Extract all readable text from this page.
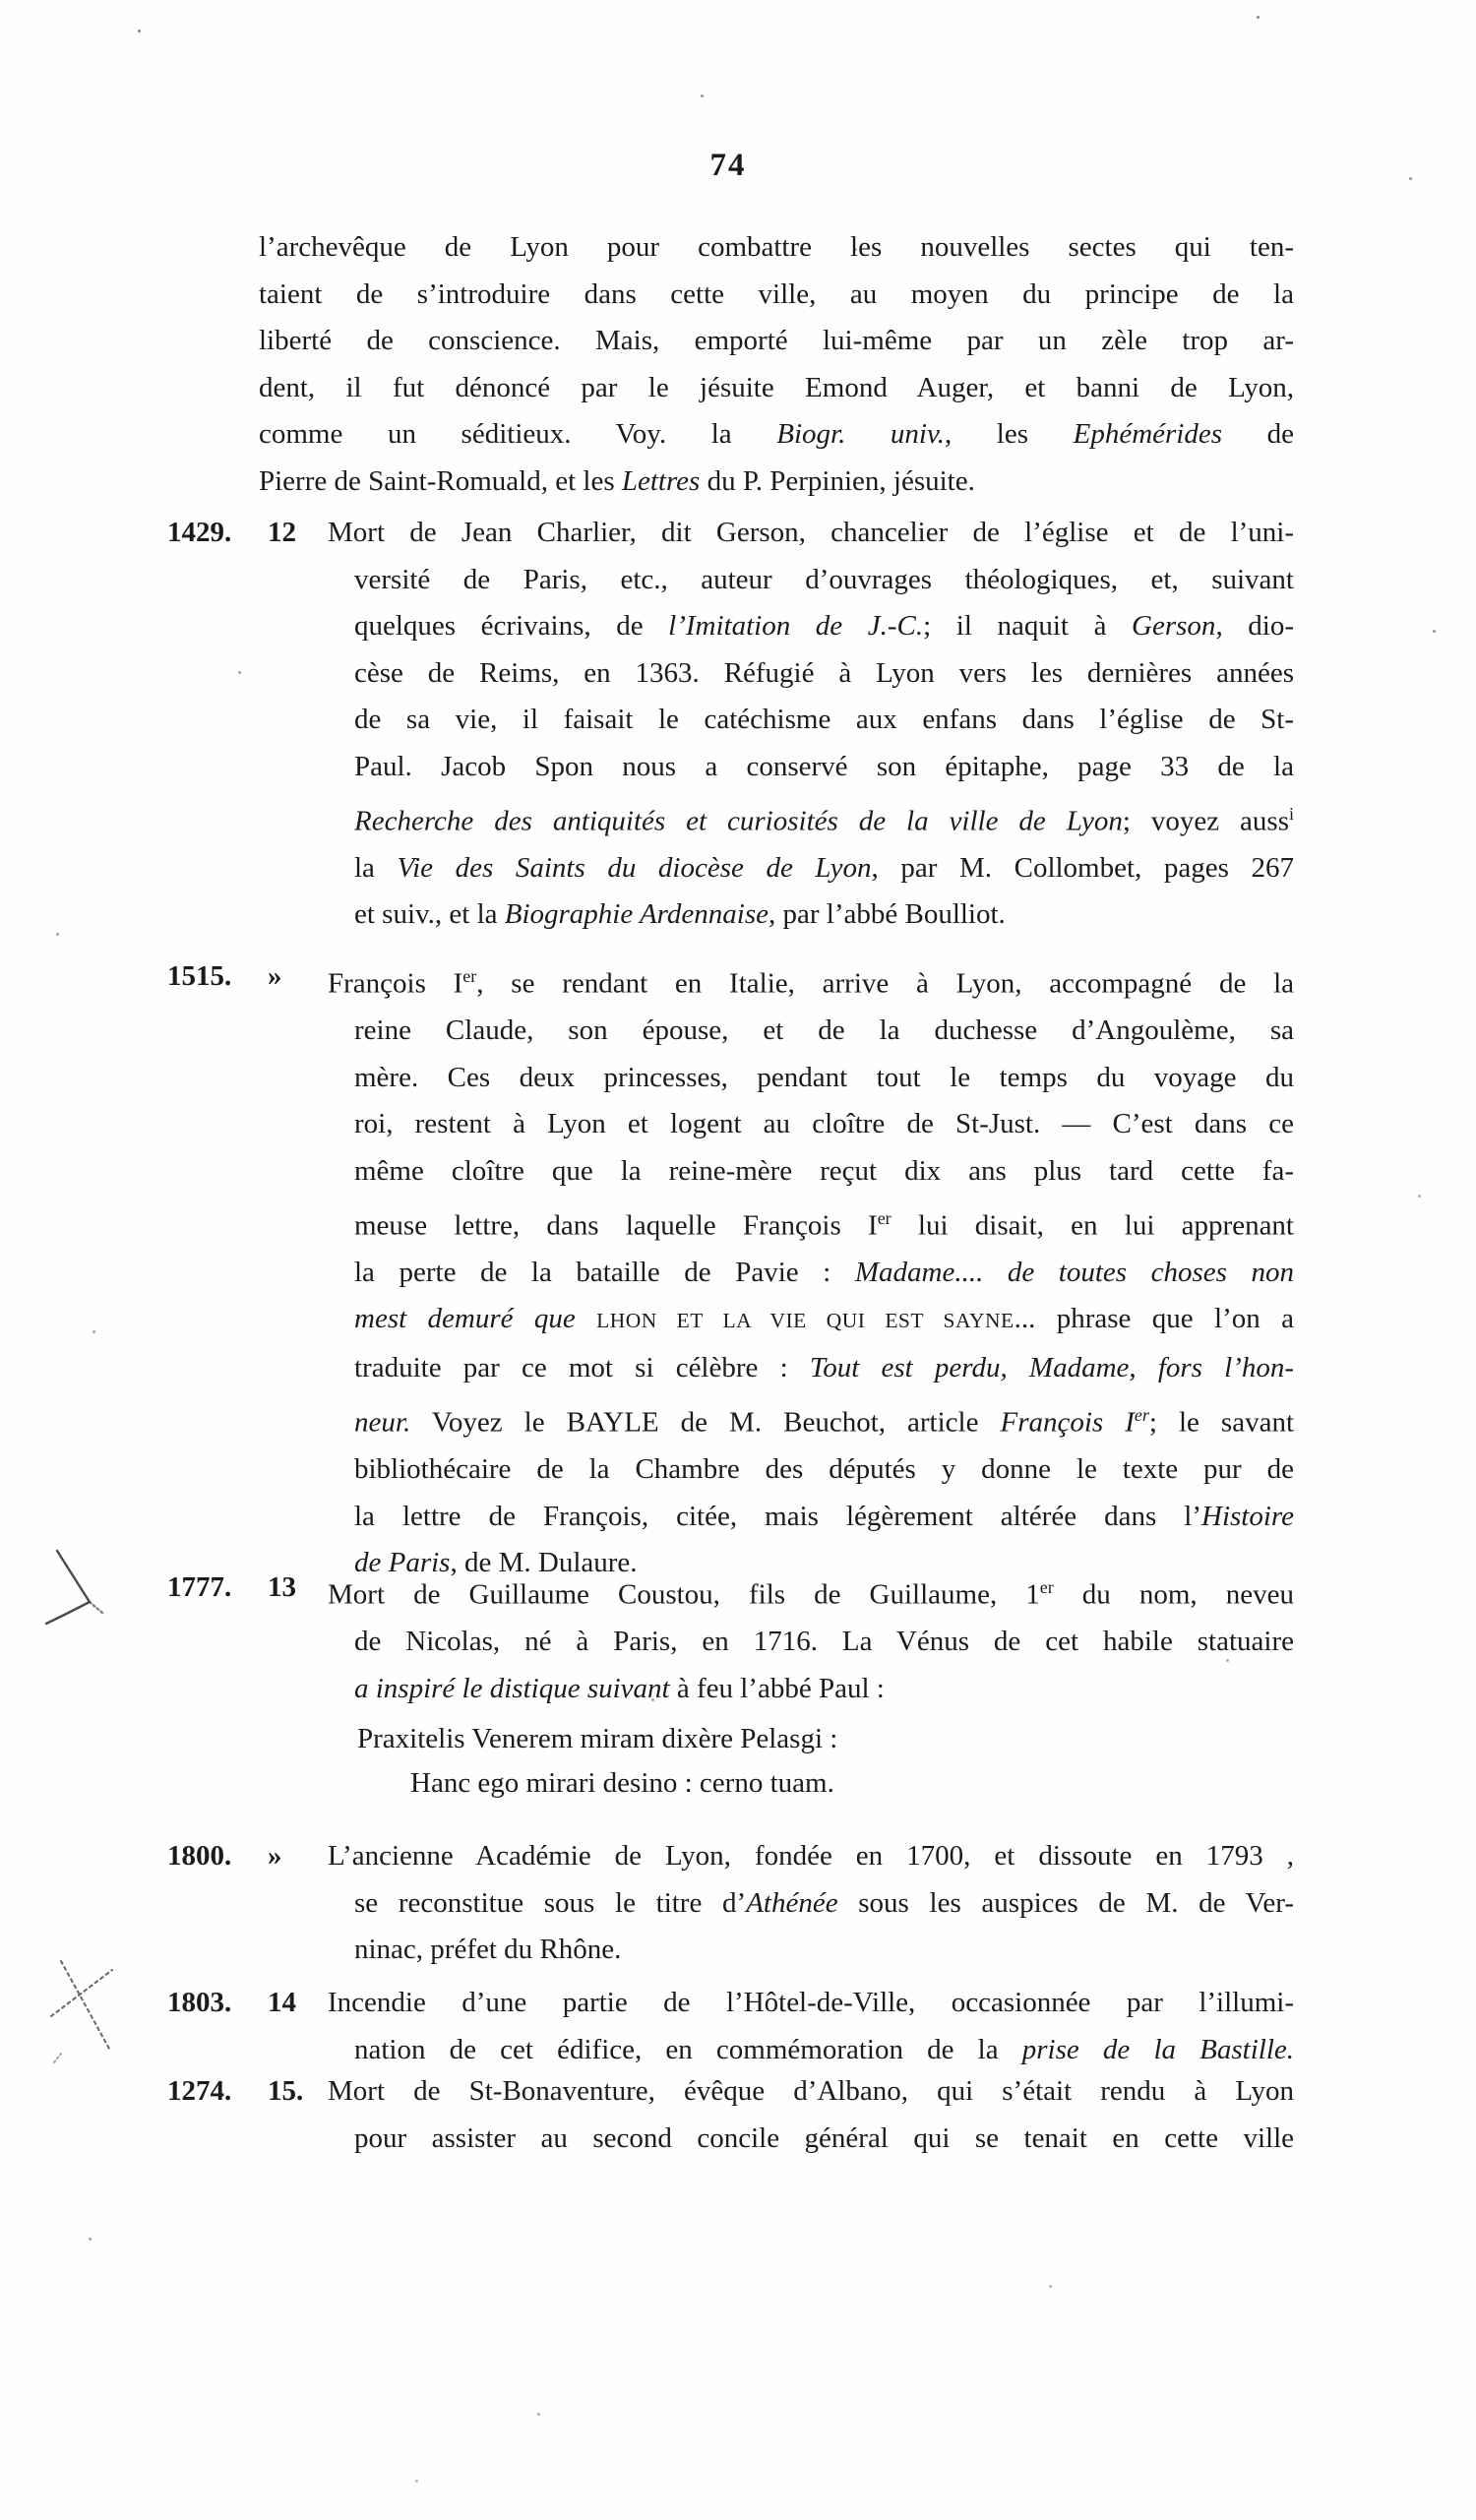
74
l’archevêque de Lyon pour combattre les nouvelles sectes qui ten-
taient de s’introduire dans cette ville, au moyen du principe de la
liberté de conscience. Mais, emporté lui-même par un zèle trop ar-
dent, il fut dénoncé par le jésuite Emond Auger, et banni de Lyon,
comme un séditieux. Voy. la Biogr. univ., les Ephémérides de
Pierre de Saint-Romuald, et les Lettres du P. Perpinien, jésuite.
1429. 12 Mort de Jean Charlier, dit Gerson, chancelier de l’église et de l’uni-
versité de Paris, etc., auteur d’ouvrages théologiques, et, suivant
quelques écrivains, de l’Imitation de J.-C.; il naquit à Gerson, dio-
cèse de Reims, en 1363. Réfugié à Lyon vers les dernières années
de sa vie, il faisait le catéchisme aux enfans dans l’église de St-
Paul. Jacob Spon nous a conservé son épitaphe, page 33 de la
Recherche des antiquités et curiosités de la ville de Lyon; voyez auss$^i$
la Vie des Saints du diocèse de Lyon, par M. Collombet, pages 267
et suiv., et la Biographie Ardennaise, par l’abbé Boulliot.
1515. » François Ier, se rendant en Italie, arrive à Lyon, accompagné de la
reine Claude, son épouse, et de la duchesse d’Angoulème, sa
mère. Ces deux princesses, pendant tout le temps du voyage du
roi, restent à Lyon et logent au cloître de St-Just. — C’est dans ce
même cloître que la reine-mère reçut dix ans plus tard cette fa-
meuse lettre, dans laquelle François Ier lui disait, en lui apprenant
la perte de la bataille de Pavie : Madame.... de toutes choses non
mest demuré que LHON ET LA VIE QUI EST SAYNE... phrase que l’on a
traduite par ce mot si célèbre : Tout est perdu, Madame, fors l’hon-
neur. Voyez le BAYLE de M. Beuchot, article François Ier; le savant
bibliothécaire de la Chambre des députés y donne le texte pur de
la lettre de François, citée, mais légèrement altérée dans l’Histoire
de Paris, de M. Dulaure.
1777. 13 Mort de Guillaume Coustou, fils de Guillaume, 1er du nom, neveu
de Nicolas, né à Paris, en 1716. La Vénus de cet habile statuaire
a inspiré le distique suivant à feu l’abbé Paul :
Praxitelis Venerem miram dixère Pelasgi :
Hanc ego mirari desino : cerno tuam.
1800. » L’ancienne Académie de Lyon, fondée en 1700, et dissoute en 1793 ,
se reconstitue sous le titre d’Athénée sous les auspices de M. de Ver-
ninac, préfet du Rhône.
1803. 14 Incendie d’une partie de l’Hôtel-de-Ville, occasionnée par l’illumi-
nation de cet édifice, en commémoration de la prise de la Bastille.
1274. 15. Mort de St-Bonaventure, évêque d’Albano, qui s’était rendu à Lyon
pour assister au second concile général qui se tenait en cette ville
